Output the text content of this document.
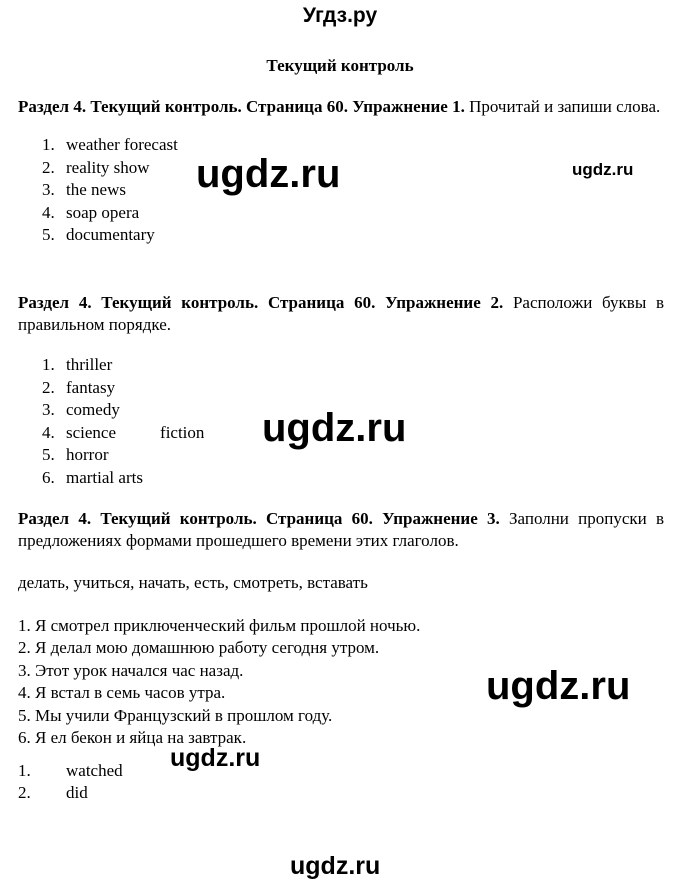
Угдз.ру
Текущий контроль
Раздел 4. Текущий контроль. Страница 60. Упражнение 1. Прочитай и запиши слова.
1. weather forecast
2. reality show
3. the news
4. soap opera
5. documentary
Раздел 4. Текущий контроль. Страница 60. Упражнение 2. Расположи буквы в правильном порядке.
1. thriller
2. fantasy
3. comedy
4. science	fiction
5. horror
6. martial arts
Раздел 4. Текущий контроль. Страница 60. Упражнение 3. Заполни пропуски в предложениях формами прошедшего времени этих глаголов.
делать, учиться, начать, есть, смотреть, вставать
1. Я смотрел приключенческий фильм прошлой ночью.
2. Я делал мою домашнюю работу сегодня утром.
3. Этот урок начался час назад.
4. Я встал в семь часов утра.
5. Мы учили Французский в прошлом году.
6. Я ел бекон и яйца на завтрак.
1. watched
2. did
ugdz.ru	ugdz.ru
ugdz.ru
ugdz.ru
ugdz.ru
ugdz.ru
